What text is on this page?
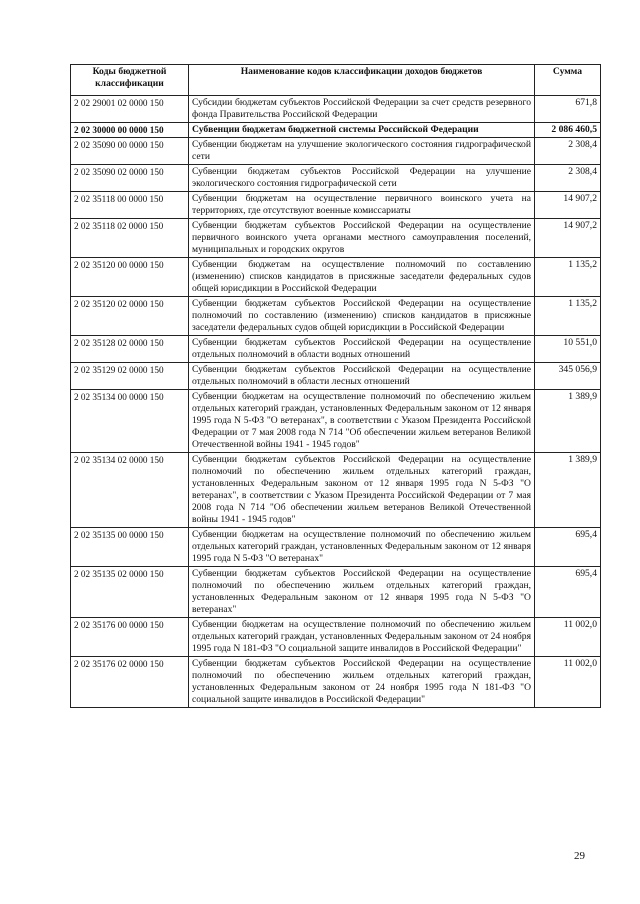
Коды бюджетной классификации	Наименование кодов классификации доходов бюджетов	Сумма
2 02 29001 02 0000 150	Субсидии бюджетам субъектов Российской Федерации за счет средств резервного фонда Правительства Российской Федерации	671,8
2 02 30000 00 0000 150	Субвенции бюджетам бюджетной системы Российской Федерации	2 086 460,5
2 02 35090 00 0000 150	Субвенции бюджетам на улучшение экологического состояния гидрографической сети	2 308,4
2 02 35090 02 0000 150	Субвенции бюджетам субъектов Российской Федерации на улучшение экологического состояния гидрографической сети	2 308,4
2 02 35118 00 0000 150	Субвенции бюджетам на осуществление первичного воинского учета на территориях, где отсутствуют военные комиссариаты	14 907,2
2 02 35118 02 0000 150	Субвенции бюджетам субъектов Российской Федерации на осуществление первичного воинского учета органами местного самоуправления поселений, муниципальных и городских округов	14 907,2
2 02 35120 00 0000 150	Субвенции бюджетам на осуществление полномочий по составлению (изменению) списков кандидатов в присяжные заседатели федеральных судов общей юрисдикции в Российской Федерации	1 135,2
2 02 35120 02 0000 150	Субвенции бюджетам субъектов Российской Федерации на осуществление полномочий по составлению (изменению) списков кандидатов в присяжные заседатели федеральных судов общей юрисдикции в Российской Федерации	1 135,2
2 02 35128 02 0000 150	Субвенции бюджетам субъектов Российской Федерации на осуществление отдельных полномочий в области водных отношений	10 551,0
2 02 35129 02 0000 150	Субвенции бюджетам субъектов Российской Федерации на осуществление отдельных полномочий в области лесных отношений	345 056,9
2 02 35134 00 0000 150	Субвенции бюджетам на осуществление полномочий по обеспечению жильем отдельных категорий граждан, установленных Федеральным законом от 12 января 1995 года N 5-ФЗ "О ветеранах", в соответствии с Указом Президента Российской Федерации от 7 мая 2008 года N 714 "Об обеспечении жильем ветеранов Великой Отечественной войны 1941 - 1945 годов"	1 389,9
2 02 35134 02 0000 150	Субвенции бюджетам субъектов Российской Федерации на осуществление полномочий по обеспечению жильем отдельных категорий граждан, установленных Федеральным законом от 12 января 1995 года N 5-ФЗ "О ветеранах", в соответствии с Указом Президента Российской Федерации от 7 мая 2008 года N 714 "Об обеспечении жильем ветеранов Великой Отечественной войны 1941 - 1945 годов"	1 389,9
2 02 35135 00 0000 150	Субвенции бюджетам на осуществление полномочий по обеспечению жильем отдельных категорий граждан, установленных Федеральным законом от 12 января 1995 года N 5-ФЗ "О ветеранах"	695,4
2 02 35135 02 0000 150	Субвенции бюджетам субъектов Российской Федерации на осуществление полномочий по обеспечению жильем отдельных категорий граждан, установленных Федеральным законом от 12 января 1995 года N 5-ФЗ "О ветеранах"	695,4
2 02 35176 00 0000 150	Субвенции бюджетам на осуществление полномочий по обеспечению жильем отдельных категорий граждан, установленных Федеральным законом от 24 ноября 1995 года N 181-ФЗ "О социальной защите инвалидов в Российской Федерации"	11 002,0
2 02 35176 02 0000 150	Субвенции бюджетам субъектов Российской Федерации на осуществление полномочий по обеспечению жильем отдельных категорий граждан, установленных Федеральным законом от 24 ноября 1995 года N 181-ФЗ "О социальной защите инвалидов в Российской Федерации"	11 002,0
29
